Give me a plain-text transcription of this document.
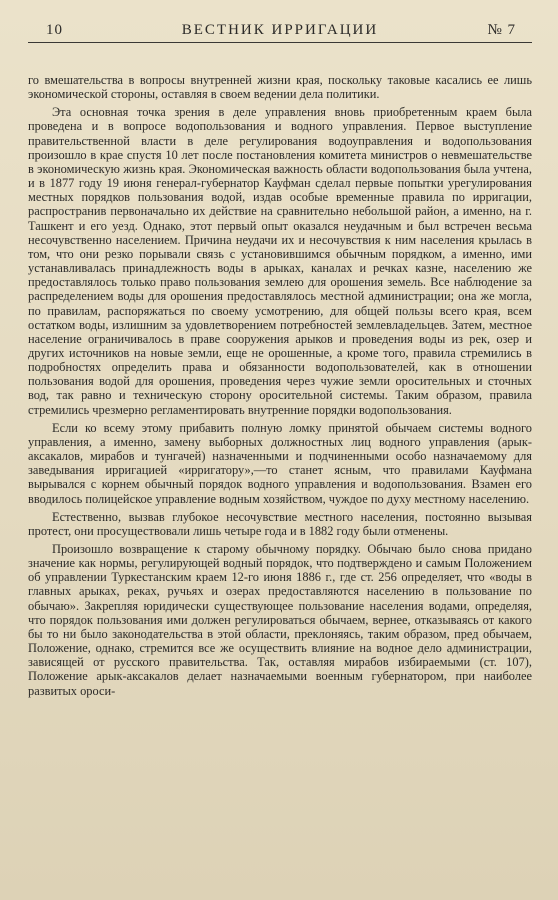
10	ВЕСТНИК ИРРИГАЦИИ	№ 7

го вмешательства в вопросы внутренней жизни края, поскольку таковые касались ее лишь экономической стороны, оставляя в своем ведении дела политики.

Эта основная точка зрения в деле управления вновь приобретенным краем была проведена и в вопросе водопользования и водного управления. Первое выступление правительственной власти в деле регулирования водоуправления и водопользования произошло в крае спустя 10 лет после постановления комитета министров о невмешательстве в экономическую жизнь края. Экономическая важность области водопользования была учтена, и в 1877 году 19 июня генерал-губернатор Кауфман сделал первые попытки урегулирования местных порядков пользования водой, издав особые временные правила по ирригации, распространив первоначально их действие на сравнительно небольшой район, а именно, на г. Ташкент и его уезд. Однако, этот первый опыт оказался неудачным и был встречен весьма несочувственно населением. Причина неудачи их и несочувствия к ним населения крылась в том, что они резко порывали связь с установившимся обычным порядком, а именно, ими устанавливалась принадлежность воды в арыках, каналах и речках казне, населению же предоставлялось только право пользования землею для орошения земель. Все наблюдение за распределением воды для орошения предоставлялось местной администрации; она же могла, по правилам, распоряжаться по своему усмотрению, для общей пользы всего края, всем остатком воды, излишним за удовлетворением потребностей землевладельцев. Затем, местное население ограничивалось в праве сооружения арыков и проведения воды из рек, озер и других источников на новые земли, еще не орошенные, а кроме того, правила стремились в подробностях определить права и обязанности водопользователей, как в отношении пользования водой для орошения, проведения через чужие земли оросительных и сточных вод, так равно и техническую сторону оросительной системы. Таким образом, правила стремились чрезмерно регламентировать внутренние порядки водопользования.

Если ко всему этому прибавить полную ломку принятой обычаем системы водного управления, а именно, замену выборных должностных лиц водного управления (арык-аксакалов, мирабов и тунгачей) назначенными и подчиненными особо назначаемому для заведывания ирригацией «ирригатору»,—то станет ясным, что правилами Кауфмана вырывался с корнем обычный порядок водного управления и водопользования. Взамен его вводилось полицейское управление водным хозяйством, чуждое по духу местному населению.

Естественно, вызвав глубокое несочувствие местного населения, постоянно вызывая протест, они просуществовали лишь четыре года и в 1882 году были отменены.

Произошло возвращение к старому обычному порядку. Обычаю было снова придано значение как нормы, регулирующей водный порядок, что подтверждено и самым Положением об управлении Туркестанским краем 12-го июня 1886 г., где ст. 256 определяет, что «воды в главных арыках, реках, ручьях и озерах предоставляются населению в пользование по обычаю». Закрепляя юридически существующее пользование населения водами, определяя, что порядок пользования ими должен регулироваться обычаем, вернее, отказываясь от какого бы то ни было законодательства в этой области, преклоняясь, таким образом, пред обычаем, Положение, однако, стремится все же осуществить влияние на водное дело администрации, зависящей от русского правительства. Так, оставляя мирабов избираемыми (ст. 107), Положение арык-аксакалов делает назначаемыми военным губернатором, при наиболее развитых ороси-
